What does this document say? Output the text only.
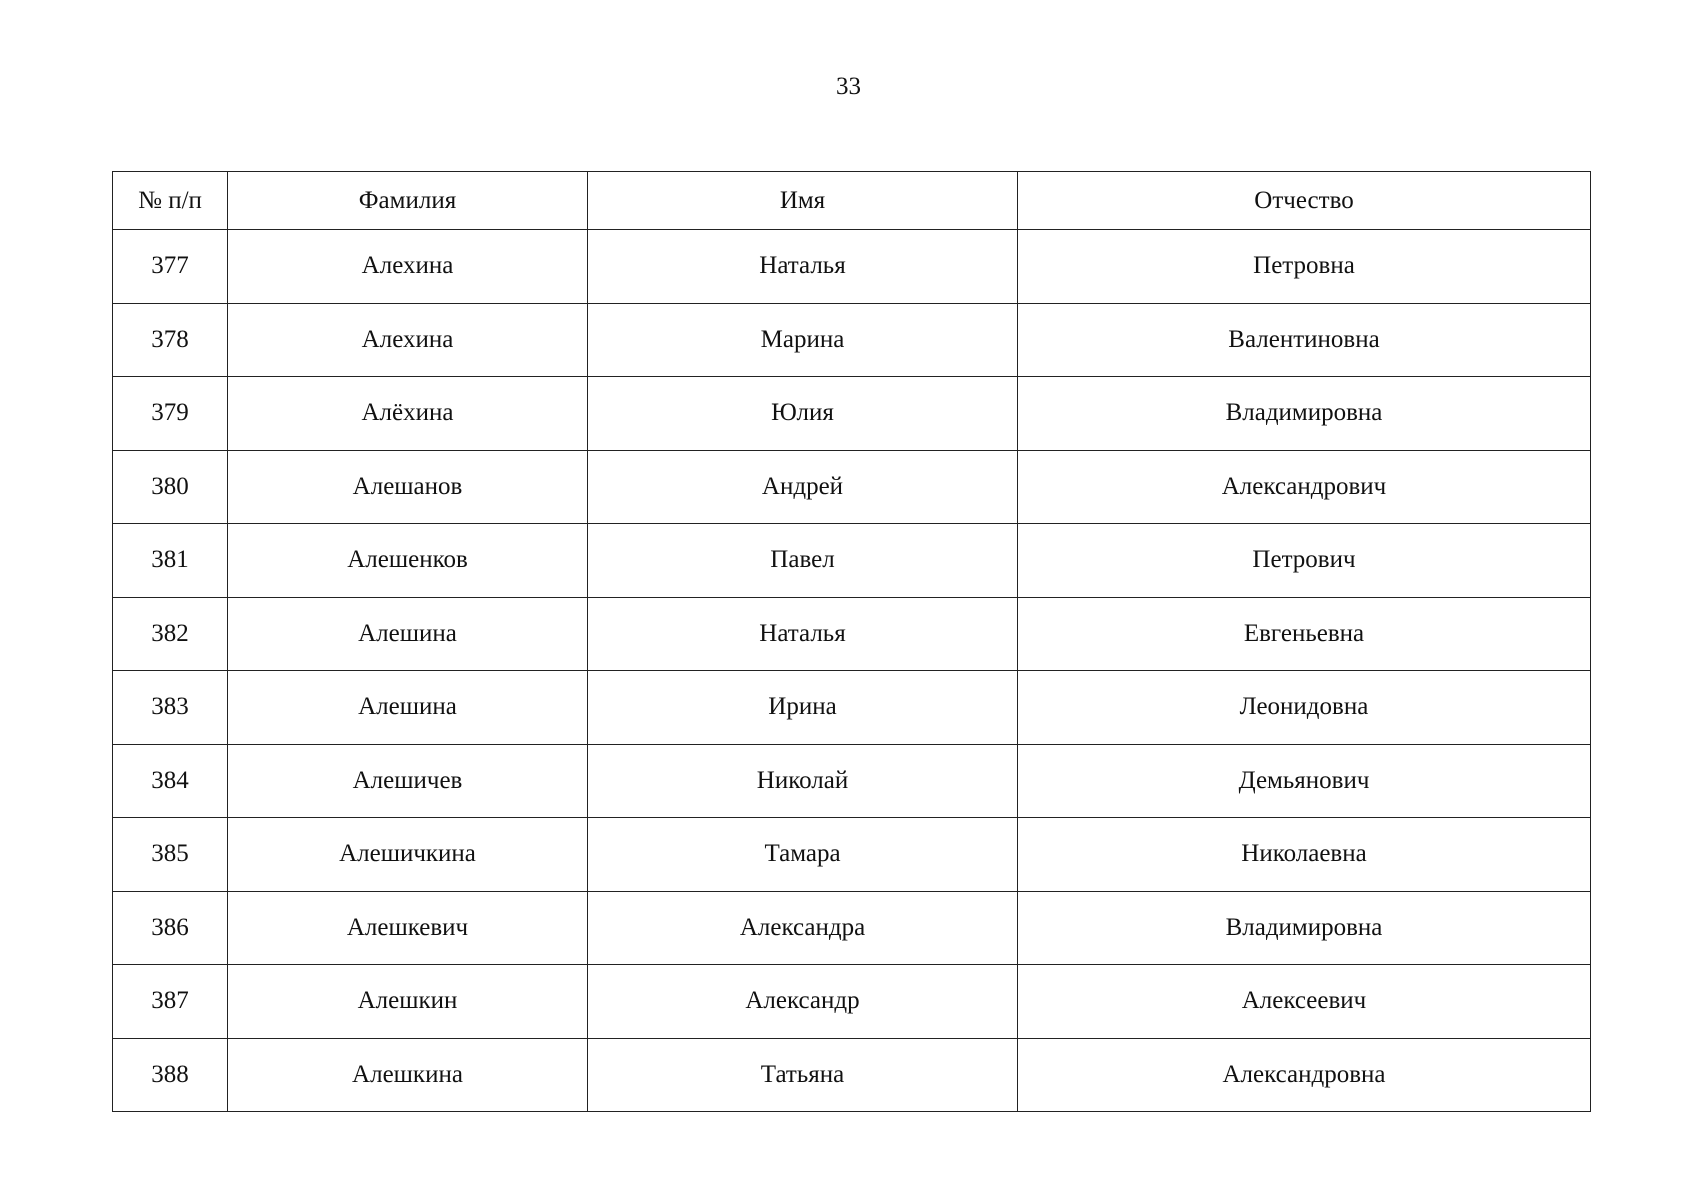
33
№ п/п	Фамилия	Имя	Отчество
377	Алехина	Наталья	Петровна
378	Алехина	Марина	Валентиновна
379	Алёхина	Юлия	Владимировна
380	Алешанов	Андрей	Александрович
381	Алешенков	Павел	Петрович
382	Алешина	Наталья	Евгеньевна
383	Алешина	Ирина	Леонидовна
384	Алешичев	Николай	Демьянович
385	Алешичкина	Тамара	Николаевна
386	Алешкевич	Александра	Владимировна
387	Алешкин	Александр	Алексеевич
388	Алешкина	Татьяна	Александровна
